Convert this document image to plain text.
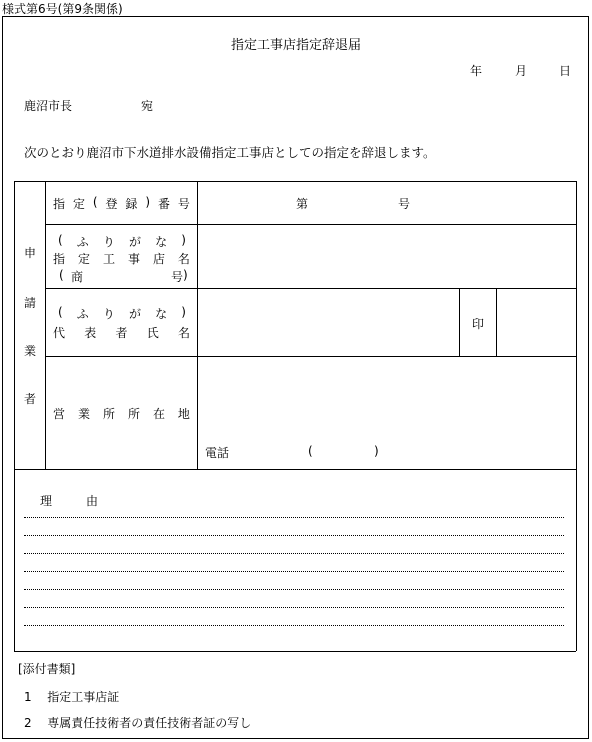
様式第6号(第9条関係)
指定工事店指定辞退届
年	月	日
鹿沼市長	宛
次のとおり鹿沼市下水道排水設備指定工事店としての指定を辞退します。
申
請
業
者
指 定 ( 登 録 ) 番 号	第	号
( ふ り が な )
指 定 工 事 店 名
( 商	号 )
( ふ り が な )
代 表 者 氏 名
印
営 業 所 所 在 地
電話	(	)
理	由
[添付書類]
1 指定工事店証
2 専属責任技術者の責任技術者証の写し
